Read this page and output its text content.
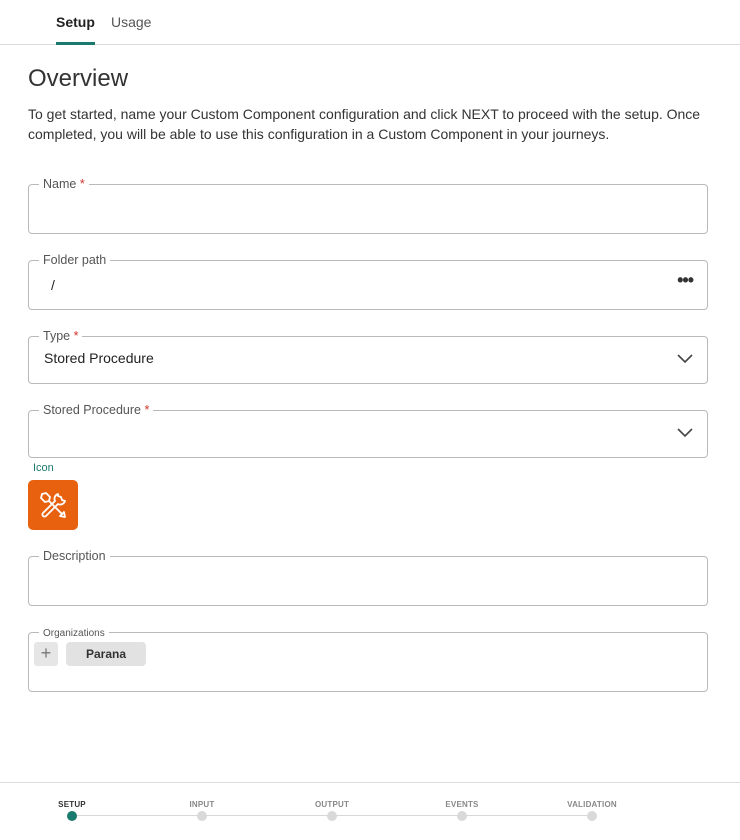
Setup Usage
Overview

To get started, name your Custom Component configuration and click NEXT to proceed with the setup. Once completed, you will be able to use this configuration in a Custom Component in your journeys.

Name *
Folder path
/	•••
Type *
Stored Procedure
Stored Procedure *
Icon
Description
Organizations
+	Parana
SETUP	INPUT	OUTPUT	EVENTS	VALIDATION
